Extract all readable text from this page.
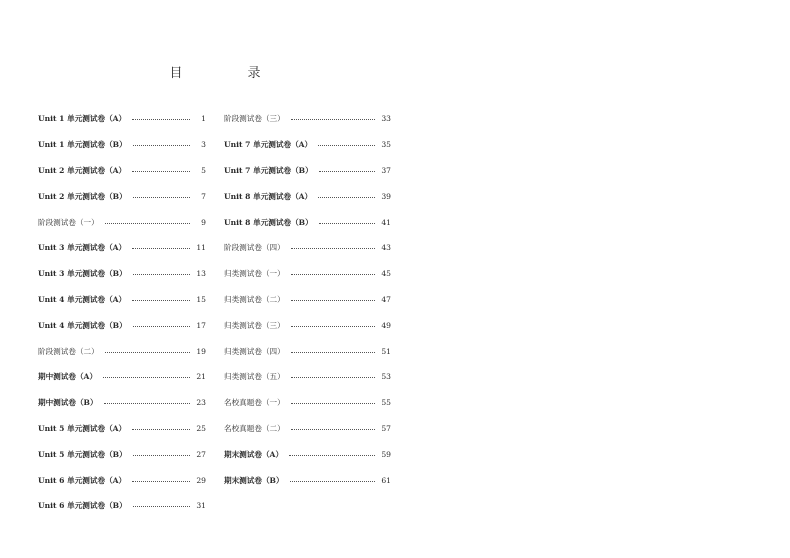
目　录
Unit 1 单元测试卷（A）	1
Unit 1 单元测试卷（B）	3
Unit 2 单元测试卷（A）	5
Unit 2 单元测试卷（B）	7
阶段测试卷（一）	9
Unit 3 单元测试卷（A）	11
Unit 3 单元测试卷（B）	13
Unit 4 单元测试卷（A）	15
Unit 4 单元测试卷（B）	17
阶段测试卷（二）	19
期中测试卷（A）	21
期中测试卷（B）	23
Unit 5 单元测试卷（A）	25
Unit 5 单元测试卷（B）	27
Unit 6 单元测试卷（A）	29
Unit 6 单元测试卷（B）	31
阶段测试卷（三）	33
Unit 7 单元测试卷（A）	35
Unit 7 单元测试卷（B）	37
Unit 8 单元测试卷（A）	39
Unit 8 单元测试卷（B）	41
阶段测试卷（四）	43
归类测试卷（一）	45
归类测试卷（二）	47
归类测试卷（三）	49
归类测试卷（四）	51
归类测试卷（五）	53
名校真题卷（一）	55
名校真题卷（二）	57
期末测试卷（A）	59
期末测试卷（B）	61
